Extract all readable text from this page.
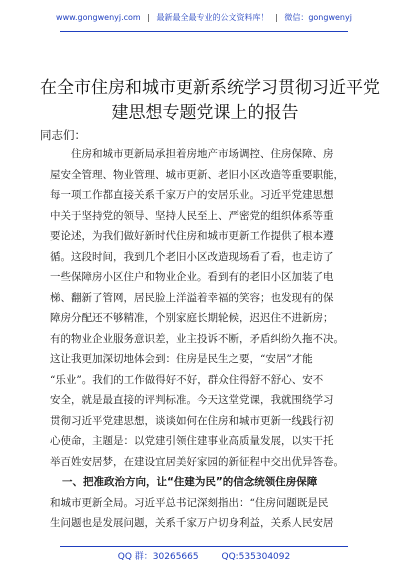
www.gongwenyj.com | 最新最全最专业的公文资料库！ | 微信：gongwenyj
在全市住房和城市更新系统学习贯彻习近平党
建思想专题党课上的报告
同志们：
住房和城市更新局承担着房地产市场调控、住房保障、房
屋安全管理、物业管理、城市更新、老旧小区改造等重要职能，
每一项工作都直接关系千家万户的安居乐业。习近平党建思想
中关于坚持党的领导、坚持人民至上、严密党的组织体系等重
要论述，为我们做好新时代住房和城市更新工作提供了根本遵
循。这段时间，我到几个老旧小区改造现场看了看，也走访了
一些保障房小区住户和物业企业。看到有的老旧小区加装了电
梯、翻新了管网，居民脸上洋溢着幸福的笑容；也发现有的保
障房分配还不够精准，个别家庭长期轮候，迟迟住不进新房；
有的物业企业服务意识差，业主投诉不断，矛盾纠纷久拖不决。
这让我更加深切地体会到：住房是民生之要，“安居”才能
“乐业”。我们的工作做得好不好，群众住得舒不舒心、安不
安全，就是最直接的评判标准。今天这堂党课，我就围绕学习
贯彻习近平党建思想，谈谈如何在住房和城市更新一线践行初
心使命，主题是：以党建引领住建事业高质量发展，以实干托
举百姓安居梦，在建设宜居美好家园的新征程中交出优异答卷。
一、把准政治方向，让“住建为民”的信念统领住房保障
和城市更新全局。习近平总书记深刻指出：“住房问题既是民
生问题也是发展问题，关系千家万户切身利益，关系人民安居
QQ 群：30265665	QQ:535304092
